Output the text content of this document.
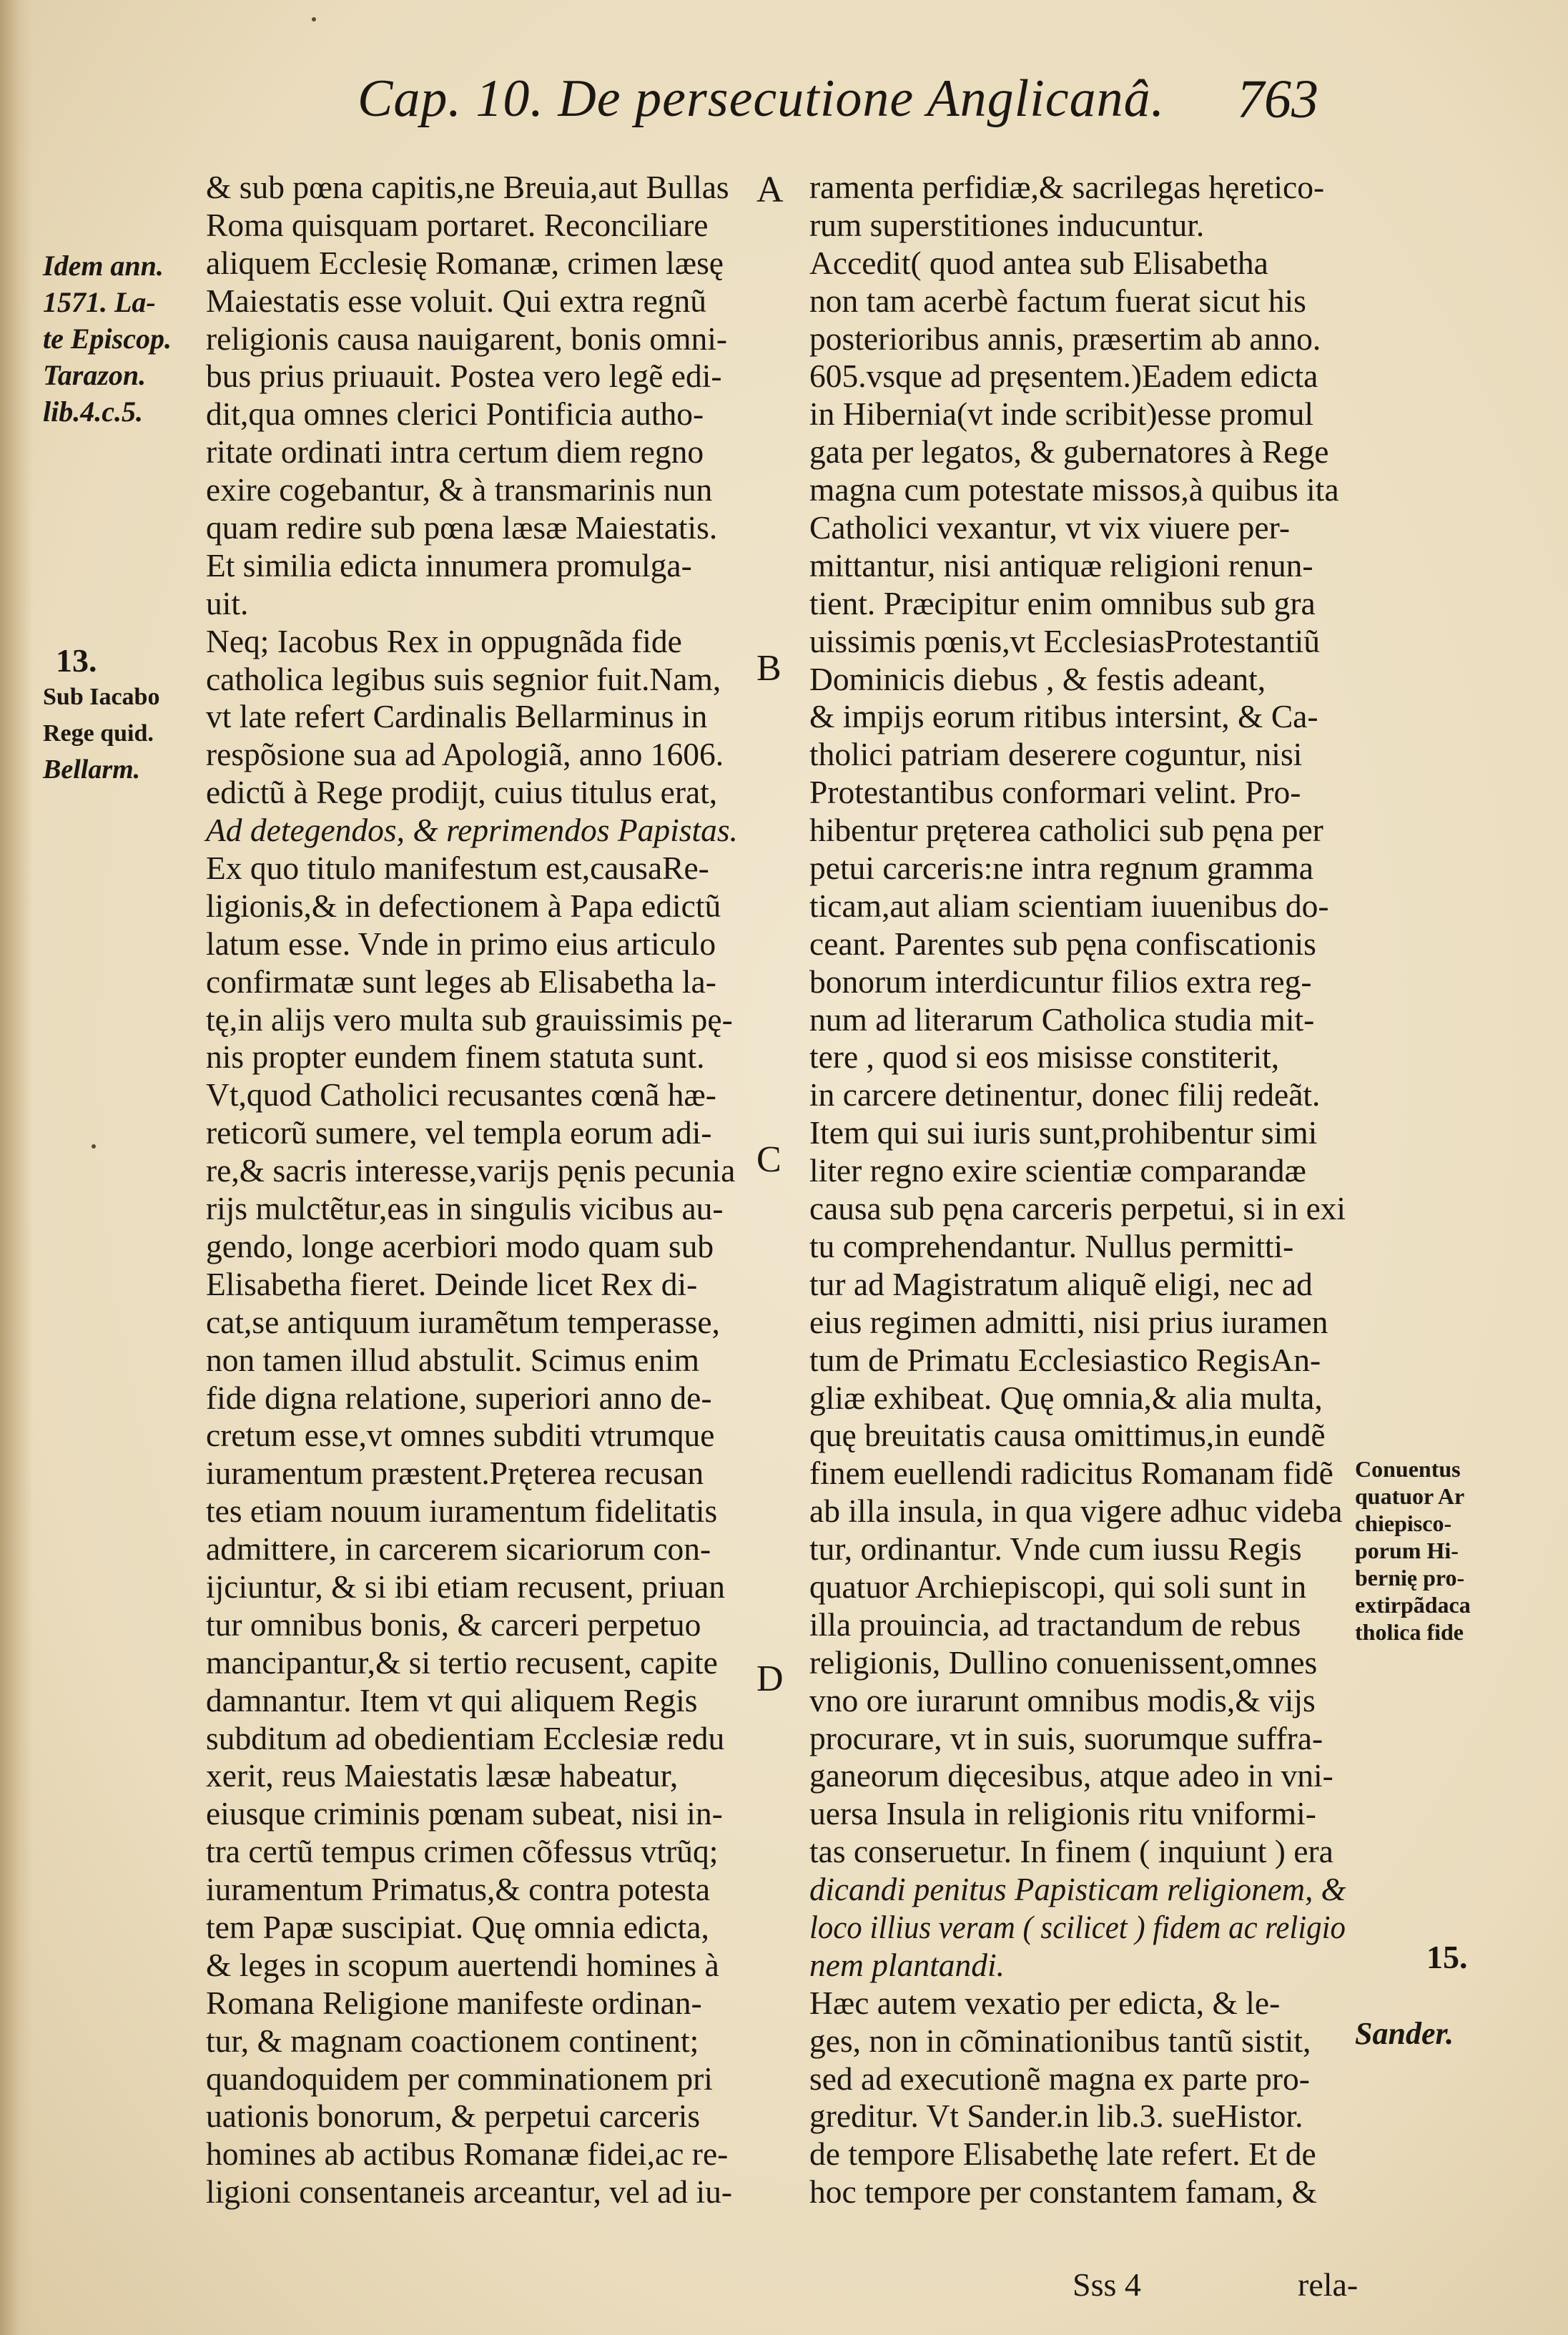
Cap. 10. De persecutione Anglicanâ. 763
Idem ann.
1571. La-
te Episcop.
Tarazon.
lib.4.c.5.
13.
Sub Iacabo
Rege quid.
Bellarm.
A
B
C
D
& sub pœna capitis,ne Breuia,aut Bullas
Roma quisquam portaret. Reconciliare
aliquem Ecclesię Romanæ, crimen læsę
Maiestatis esse voluit. Qui extra regnũ
religionis causa nauigarent, bonis omni-
bus prius priuauit. Postea vero legẽ edi-
dit,qua omnes clerici Pontificia autho-
ritate ordinati intra certum diem regno
exire cogebantur, & à transmarinis nun
quam redire sub pœna læsæ Maiestatis.
Et similia edicta innumera promulga-
uit.
Neq; Iacobus Rex in oppugnãda fide
catholica legibus suis segnior fuit.Nam,
vt late refert Cardinalis Bellarminus in
respõsione sua ad Apologiã, anno 1606.
edictũ à Rege prodijt, cuius titulus erat,
Ad detegendos, & reprimendos Papistas.
Ex quo titulo manifestum est,causaRe-
ligionis,& in defectionem à Papa edictũ
latum esse. Vnde in primo eius articulo
confirmatæ sunt leges ab Elisabetha la-
tę,in alijs vero multa sub grauissimis pę-
nis propter eundem finem statuta sunt.
Vt,quod Catholici recusantes cœnã hæ-
reticorũ sumere, vel templa eorum adi-
re,& sacris interesse,varijs pęnis pecunia
rijs mulctẽtur,eas in singulis vicibus au-
gendo, longe acerbiori modo quam sub
Elisabetha fieret. Deinde licet Rex di-
cat,se antiquum iuramẽtum temperasse,
non tamen illud abstulit. Scimus enim
fide digna relatione, superiori anno de-
cretum esse,vt omnes subditi vtrumque
iuramentum præstent.Pręterea recusan
tes etiam nouum iuramentum fidelitatis
admittere, in carcerem sicariorum con-
ijciuntur, & si ibi etiam recusent, priuan
tur omnibus bonis, & carceri perpetuo
mancipantur,& si tertio recusent, capite
damnantur. Item vt qui aliquem Regis
subditum ad obedientiam Ecclesiæ redu
xerit, reus Maiestatis læsæ habeatur,
eiusque criminis pœnam subeat, nisi in-
tra certũ tempus crimen cõfessus vtrũq;
iuramentum Primatus,& contra potesta
tem Papæ suscipiat. Quę omnia edicta,
& leges in scopum auertendi homines à
Romana Religione manifeste ordinan-
tur, & magnam coactionem continent;
quandoquidem per comminationem pri
uationis bonorum, & perpetui carceris
homines ab actibus Romanæ fidei,ac re-
ligioni consentaneis arceantur, vel ad iu-
ramenta perfidiæ,& sacrilegas hęretico-
rum superstitiones inducuntur.
Accedit( quod antea sub Elisabetha
non tam acerbè factum fuerat sicut his
posterioribus annis, præsertim ab anno.
605.vsque ad pręsentem.)Eadem edicta
in Hibernia(vt inde scribit)esse promul
gata per legatos, & gubernatores à Rege
magna cum potestate missos,à quibus ita
Catholici vexantur, vt vix viuere per-
mittantur, nisi antiquæ religioni renun-
tient. Præcipitur enim omnibus sub gra
uissimis pœnis,vt EcclesiasProtestantiũ
Dominicis diebus , & festis adeant,
& impijs eorum ritibus intersint, & Ca-
tholici patriam deserere coguntur, nisi
Protestantibus conformari velint. Pro-
hibentur pręterea catholici sub pęna per
petui carceris:ne intra regnum gramma
ticam,aut aliam scientiam iuuenibus do-
ceant. Parentes sub pęna confiscationis
bonorum interdicuntur filios extra reg-
num ad literarum Catholica studia mit-
tere , quod si eos misisse constiterit,
in carcere detinentur, donec filij redeãt.
Item qui sui iuris sunt,prohibentur simi
liter regno exire scientiæ comparandæ
causa sub pęna carceris perpetui, si in exi
tu comprehendantur. Nullus permitti-
tur ad Magistratum aliquẽ eligi, nec ad
eius regimen admitti, nisi prius iuramen
tum de Primatu Ecclesiastico RegisAn-
gliæ exhibeat. Quę omnia,& alia multa,
quę breuitatis causa omittimus,in eundẽ
finem euellendi radicitus Romanam fidẽ
ab illa insula, in qua vigere adhuc videba
tur, ordinantur. Vnde cum iussu Regis
quatuor Archiepiscopi, qui soli sunt in
illa prouincia, ad tractandum de rebus
religionis, Dullino conuenissent,omnes
vno ore iurarunt omnibus modis,& vijs
procurare, vt in suis, suorumque suffra-
ganeorum dięcesibus, atque adeo in vni-
uersa Insula in religionis ritu vniformi-
tas conseruetur. In finem ( inquiunt ) era
dicandi penitus Papisticam religionem, &
loco illius veram ( scilicet ) fidem ac religio
nem plantandi.
Hæc autem vexatio per edicta, & le-
ges, non in cõminationibus tantũ sistit,
sed ad executionẽ magna ex parte pro-
greditur. Vt Sander.in lib.3. sueHistor.
de tempore Elisabethę late refert. Et de
hoc tempore per constantem famam, &
Conuentus
quatuor Ar
chiepisco-
porum Hi-
bernię pro-
extirpãdaca
tholica fide
15.
Sander.
Sss 4	rela-
